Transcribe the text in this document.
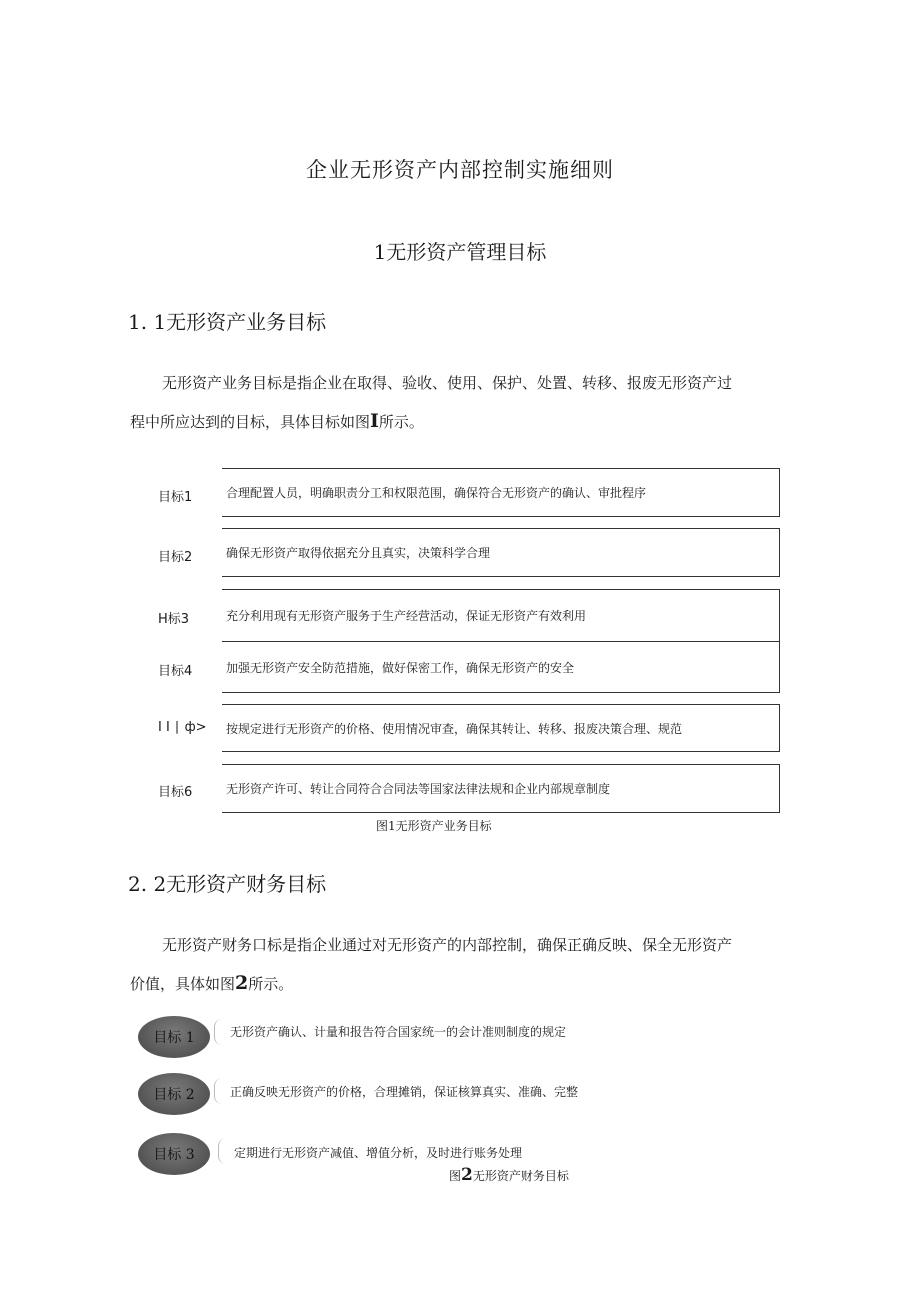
企业无形资产内部控制实施细则
1无形资产管理目标
1. 1无形资产业务目标
无形资产业务目标是指企业在取得、验收、使用、保护、处置、转移、报废无形资产过
程中所应达到的目标，具体目标如图I所示。
目标1	合理配置人员，明确职责分工和权限范围，确保符合无形资产的确认、审批程序
目标2	确保无形资产取得依据充分且真实，决策科学合理
H标3	充分利用现有无形资产服务于生产经营活动，保证无形资产有效利用
目标4	加强无形资产安全防范措施，做好保密工作，确保无形资产的安全
I I ∣ ф>	按规定进行无形资产的价格、使用情况审查，确保其转让、转移、报废决策合理、规范
目标6	无形资产许可、转让合同符合合同法等国家法律法规和企业内部规章制度
图1无形资产业务目标
2. 2无形资产财务目标
无形资产财务口标是指企业通过对无形资产的内部控制，确保正确反映、保全无形资产
价值，具体如图2所示。
目标 1	无形资产确认、计量和报告符合国家统一的会计准则制度的规定
目标 2	正确反映无形资产的价格，合理摊销，保证核算真实、准确、完整
目标 3	定期进行无形资产减值、增值分析，及时进行账务处理
图2无形资产财务目标
